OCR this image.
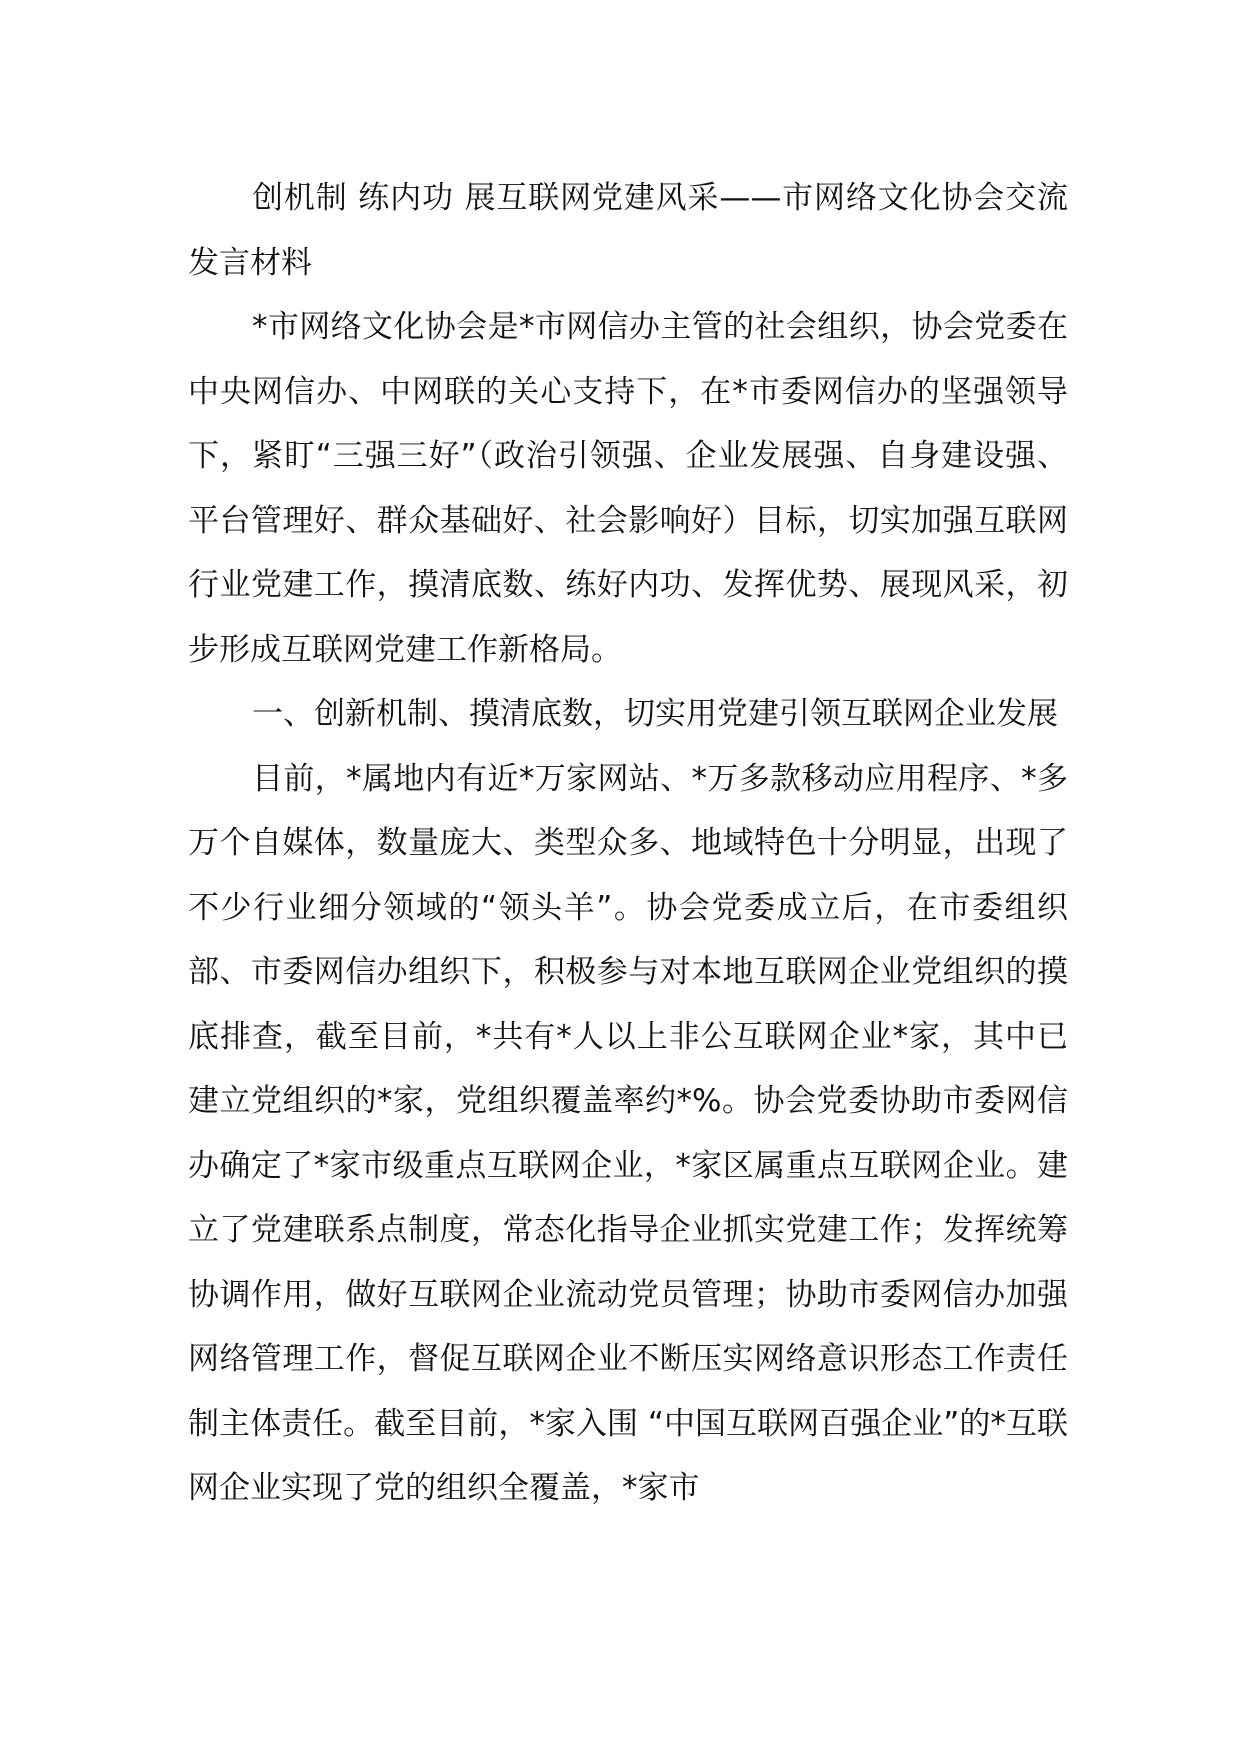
创机制 练内功 展互联网党建风采——市网络文化协会交流发言材料

*市网络文化协会是*市网信办主管的社会组织，协会党委在中央网信办、中网联的关心支持下，在*市委网信办的坚强领导下，紧盯“三强三好”（政治引领强、企业发展强、自身建设强、平台管理好、群众基础好、社会影响好）目标，切实加强互联网行业党建工作，摸清底数、练好内功、发挥优势、展现风采，初步形成互联网党建工作新格局。

一、创新机制、摸清底数，切实用党建引领互联网企业发展

目前，*属地内有近*万家网站、*万多款移动应用程序、*多万个自媒体，数量庞大、类型众多、地域特色十分明显，出现了不少行业细分领域的“领头羊”。协会党委成立后，在市委组织部、市委网信办组织下，积极参与对本地互联网企业党组织的摸底排查，截至目前，*共有*人以上非公互联网企业*家，其中已建立党组织的*家，党组织覆盖率约*%。协会党委协助市委网信办确定了*家市级重点互联网企业，*家区属重点互联网企业。建立了党建联系点制度，常态化指导企业抓实党建工作；发挥统筹协调作用，做好互联网企业流动党员管理；协助市委网信办加强网络管理工作，督促互联网企业不断压实网络意识形态工作责任制主体责任。截至目前，*家入围 “中国互联网百强企业”的*互联网企业实现了党的组织全覆盖，*家市
